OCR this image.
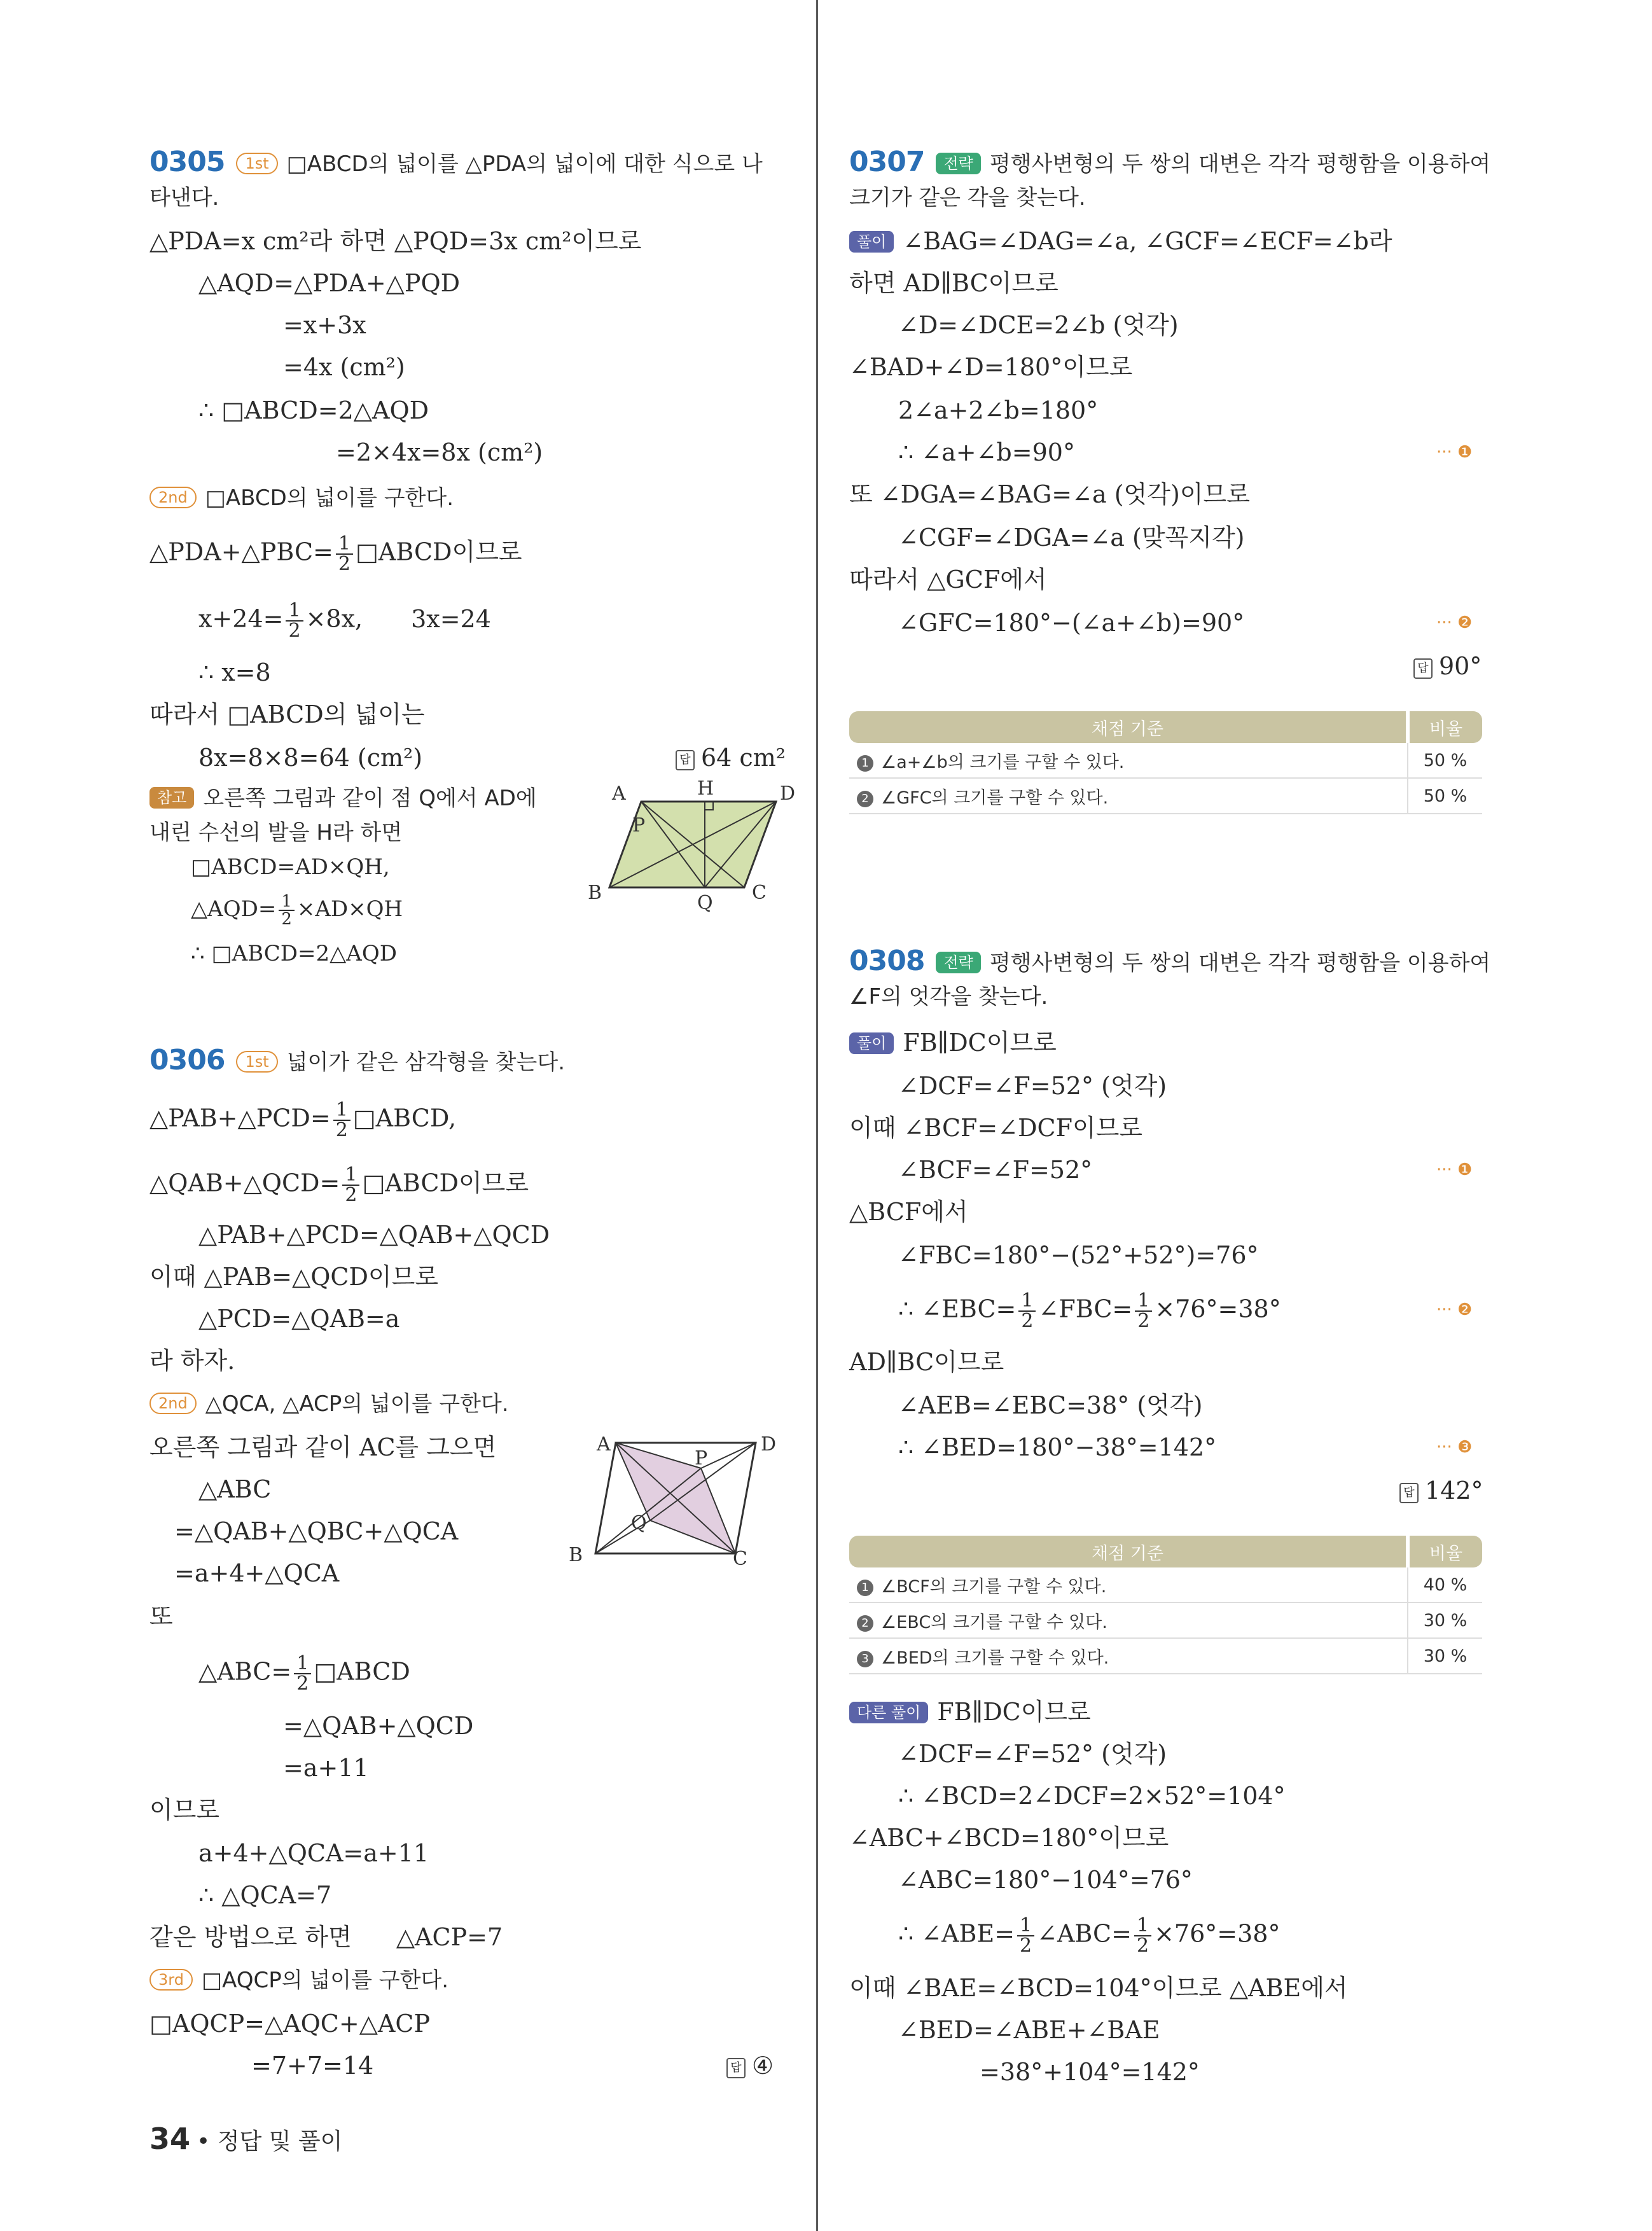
0305 1st □ABCD의 넓이를 △PDA의 넓이에 대한 식으로 나
타낸다.
△PDA=x cm²라 하면 △PQD=3x cm²이므로
△AQD=△PDA+△PQD
=x+3x
=4x (cm²)
∴ □ABCD=2△AQD
=2×4x=8x (cm²)
2nd □ABCD의 넓이를 구한다.
△PDA+△PBC= $\frac{1}{2}$ □ABCD이므로
$x+24= \frac{1}{2} \times 8x$, 3x=24
∴ x=8
따라서 □ABCD의 넓이는
8x=8×8=64 (cm²)	답 64 cm²
참고 오른쪽 그림과 같이 점 Q에서 AD에
내린 수선의 발을 H라 하면
□ABCD=AD×QH,
△AQD= $\frac{1}{2} \times AD\times QH$
∴ □ABCD=2△AQD
A	H	D
P
B	Q C
0306 1st 넓이가 같은 삼각형을 찾는다.
△PAB+△PCD= $\frac{1}{2}$ □ABCD,
△QAB+△QCD= $\frac{1}{2}$ □ABCD이므로
△PAB+△PCD=△QAB+△QCD
이때 △PAB=△QCD이므로
△PCD=△QAB=a
라 하자.
2nd △QCA, △ACP의 넓이를 구한다.
오른쪽 그림과 같이 AC를 그으면
△ABC
=△QAB+△QBC+△QCA
=a+4+△QCA
또
△ABC= $\frac{1}{2}$ □ABCD
=△QAB+△QCD
=a+11
이므로
a+4+△QCA=a+11
∴ △QCA=7
같은 방법으로 하면 △ACP=7
3rd □AQCP의 넓이를 구한다.
□AQCP=△AQC+△ACP
=7+7=14	답 ④
A	D
P
Q
B	C
0307 전략 평행사변형의 두 쌍의 대변은 각각 평행함을 이용하여
크기가 같은 각을 찾는다.
풀이 ∠BAG=∠DAG=∠a, ∠GCF=∠ECF=∠b라
하면 AD∥BC이므로
∠D=∠DCE=2∠b (엇각)
∠BAD+∠D=180°이므로
2∠a+2∠b=180°
∴ ∠a+∠b=90°	··· ❶
또 ∠DGA=∠BAG=∠a (엇각)이므로
∠CGF=∠DGA=∠a (맞꼭지각)
따라서 △GCF에서
∠GFC=180°−(∠a+∠b)=90°	··· ❷
답 90°
채점 기준	비율
1 ∠a+∠b의 크기를 구할 수 있다.	50 %
2 ∠GFC의 크기를 구할 수 있다.	50 %
0308 전략 평행사변형의 두 쌍의 대변은 각각 평행함을 이용하여
∠F의 엇각을 찾는다.
풀이 FB∥DC이므로
∠DCF=∠F=52° (엇각)
이때 ∠BCF=∠DCF이므로
∠BCF=∠F=52°	··· ❶
△BCF에서
∠FBC=180°−(52°+52°)=76°
∴ ∠EBC= $\frac{1}{2}$ ∠FBC= $\frac{1}{2} \times 76^\circ=38^\circ$	··· ❷
AD∥BC이므로
∠AEB=∠EBC=38° (엇각)
∴ ∠BED=180°−38°=142°	··· ❸
답 142°
채점 기준	비율
1 ∠BCF의 크기를 구할 수 있다.	40 %
2 ∠EBC의 크기를 구할 수 있다.	30 %
3 ∠BED의 크기를 구할 수 있다.	30 %
다른 풀이 FB∥DC이므로
∠DCF=∠F=52° (엇각)
∴ ∠BCD=2∠DCF=2×52°=104°
∠ABC+∠BCD=180°이므로
∠ABC=180°−104°=76°
∴ ∠ABE= $\frac{1}{2}$ ∠ABC= $\frac{1}{2} \times 76^\circ=38^\circ$
이때 ∠BAE=∠BCD=104°이므로 △ABE에서
∠BED=∠ABE+∠BAE
=38°+104°=142°
34 • 정답 및 풀이
